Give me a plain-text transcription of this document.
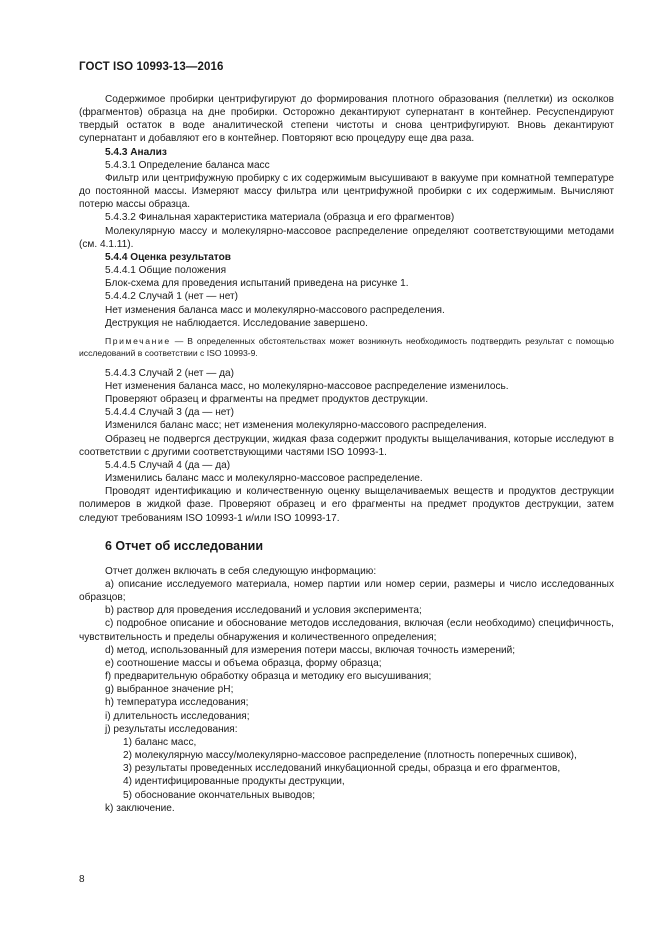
ГОСТ ISO 10993-13—2016

Содержимое пробирки центрифугируют до формирования плотного образования (пеллетки) из осколков (фрагментов) образца на дне пробирки. Осторожно декантируют супернатант в контейнер. Ресуспендируют твердый остаток в воде аналитической степени чистоты и снова центрифугируют. Вновь декантируют супернатант и добавляют его в контейнер. Повторяют всю процедуру еще два раза.

5.4.3 Анализ

5.4.3.1 Определение баланса масс

Фильтр или центрифужную пробирку с их содержимым высушивают в вакууме при комнатной температуре до постоянной массы. Измеряют массу фильтра или центрифужной пробирки с их содержимым. Вычисляют потерю массы образца.

5.4.3.2 Финальная характеристика материала (образца и его фрагментов)

Молекулярную массу и молекулярно-массовое распределение определяют соответствующими методами (см. 4.1.11).

5.4.4 Оценка результатов

5.4.4.1 Общие положения

Блок-схема для проведения испытаний приведена на рисунке 1.

5.4.4.2 Случай 1 (нет — нет)

Нет изменения баланса масс и молекулярно-массового распределения.

Деструкция не наблюдается. Исследование завершено.

Примечание — В определенных обстоятельствах может возникнуть необходимость подтвердить результат с помощью исследований в соответствии с ISO 10993-9.

5.4.4.3 Случай 2 (нет — да)

Нет изменения баланса масс, но молекулярно-массовое распределение изменилось.

Проверяют образец и фрагменты на предмет продуктов деструкции.

5.4.4.4 Случай 3 (да — нет)

Изменился баланс масс; нет изменения молекулярно-массового распределения.

Образец не подвергся деструкции, жидкая фаза содержит продукты выщелачивания, которые исследуют в соответствии с другими соответствующими частями ISO 10993-1.

5.4.4.5 Случай 4 (да — да)

Изменились баланс масс и молекулярно-массовое распределение.

Проводят идентификацию и количественную оценку выщелачиваемых веществ и продуктов деструкции полимеров в жидкой фазе. Проверяют образец и его фрагменты на предмет продуктов деструкции, затем следуют требованиям ISO 10993-1 и/или ISO 10993-17.

6 Отчет об исследовании

Отчет должен включать в себя следующую информацию:

а) описание исследуемого материала, номер партии или номер серии, размеры и число исследованных образцов;

b) раствор для проведения исследований и условия эксперимента;

с) подробное описание и обоснование методов исследования, включая (если необходимо) специфичность, чувствительность и пределы обнаружения и количественного определения;

d) метод, использованный для измерения потери массы, включая точность измерений;

е) соотношение массы и объема образца, форму образца;

f) предварительную обработку образца и методику его высушивания;

g) выбранное значение pH;

h) температура исследования;

i) длительность исследования;

j) результаты исследования:

1) баланс масс,

2) молекулярную массу/молекулярно-массовое распределение (плотность поперечных сшивок),

3) результаты проведенных исследований инкубационной среды, образца и его фрагментов,

4) идентифицированные продукты деструкции,

5) обоснование окончательных выводов;

k) заключение.

8
